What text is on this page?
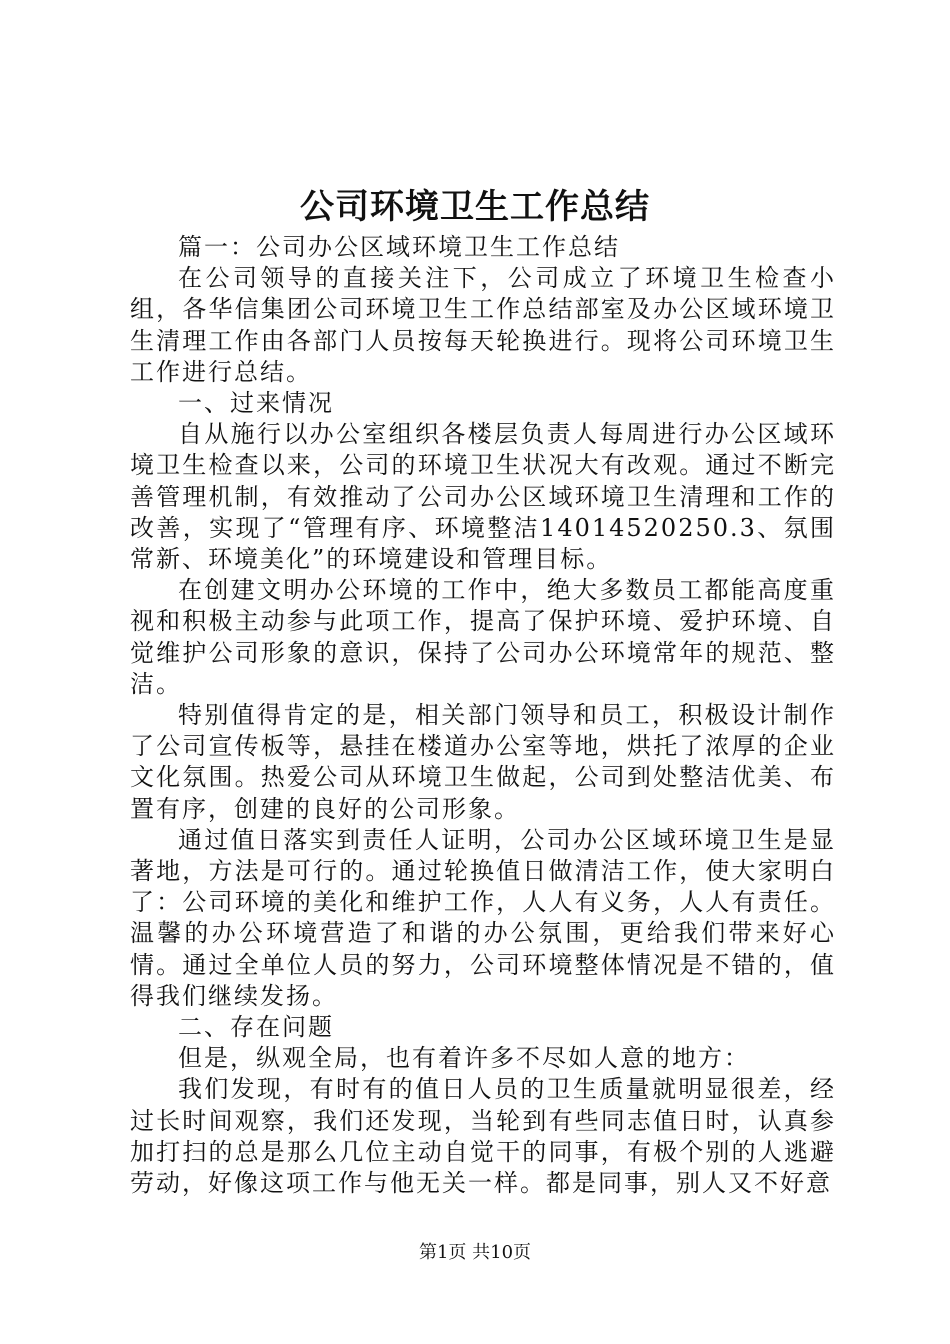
公司环境卫生工作总结

篇一：公司办公区域环境卫生工作总结

在公司领导的直接关注下，公司成立了环境卫生检查小组，各华信集团公司环境卫生工作总结部室及办公区域环境卫生清理工作由各部门人员按每天轮换进行。现将公司环境卫生工作进行总结。

一、过来情况

自从施行以办公室组织各楼层负责人每周进行办公区域环境卫生检查以来，公司的环境卫生状况大有改观。通过不断完善管理机制，有效推动了公司办公区域环境卫生清理和工作的改善，实现了“管理有序、环境整洁14014520250.3、氛围常新、环境美化”的环境建设和管理目标。

在创建文明办公环境的工作中，绝大多数员工都能高度重视和积极主动参与此项工作，提高了保护环境、爱护环境、自觉维护公司形象的意识，保持了公司办公环境常年的规范、整洁。

特别值得肯定的是，相关部门领导和员工，积极设计制作了公司宣传板等，悬挂在楼道办公室等地，烘托了浓厚的企业文化氛围。热爱公司从环境卫生做起，公司到处整洁优美、布置有序，创建的良好的公司形象。

通过值日落实到责任人证明，公司办公区域环境卫生是显著地，方法是可行的。通过轮换值日做清洁工作，使大家明白了：公司环境的美化和维护工作，人人有义务，人人有责任。温馨的办公环境营造了和谐的办公氛围，更给我们带来好心情。通过全单位人员的努力，公司环境整体情况是不错的，值得我们继续发扬。

二、存在问题

但是，纵观全局，也有着许多不尽如人意的地方：

我们发现，有时有的值日人员的卫生质量就明显很差，经过长时间观察，我们还发现，当轮到有些同志值日时，认真参加打扫的总是那么几位主动自觉干的同事，有极个别的人逃避劳动，好像这项工作与他无关一样。都是同事，别人又不好意

第1页 共10页
